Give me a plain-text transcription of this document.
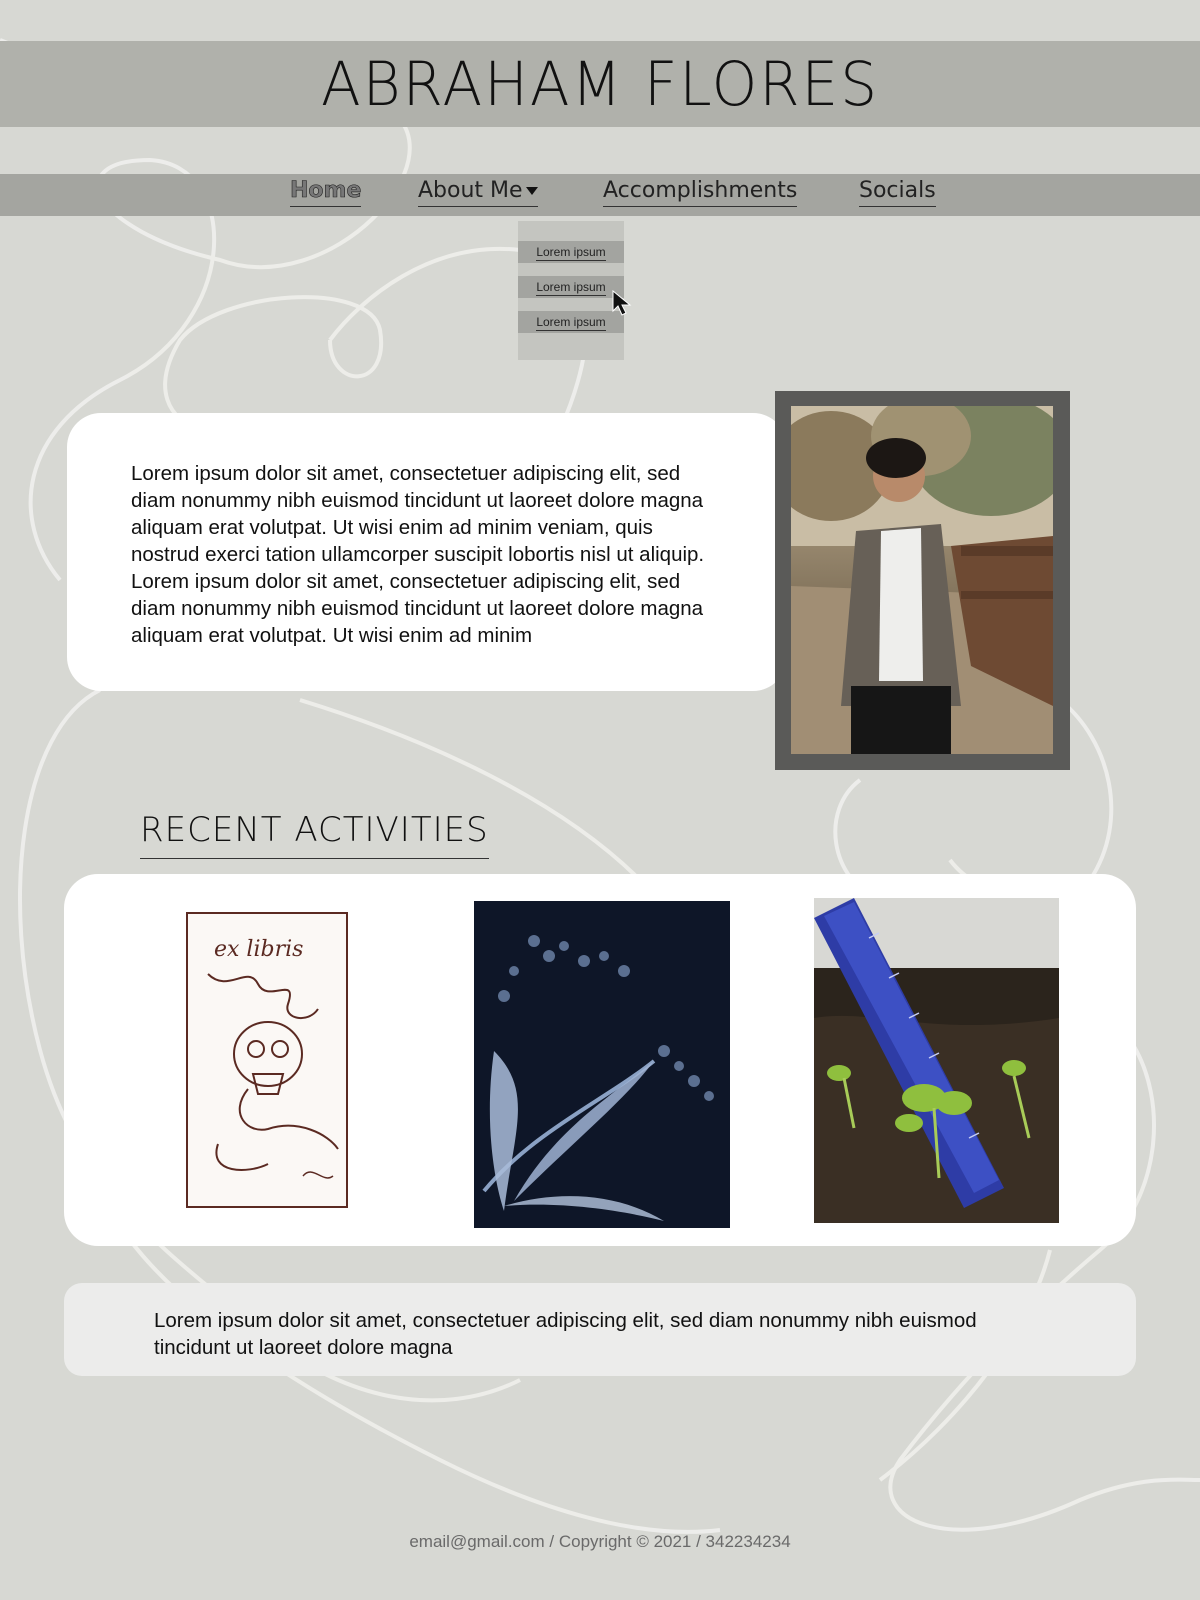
ABRAHAM FLORES
Home	About Me	Accomplishments	Socials
Lorem ipsum
Lorem ipsum
Lorem ipsum
Lorem ipsum dolor sit amet, consectetuer adipiscing elit, sed diam nonummy nibh euismod tincidunt ut laoreet dolore magna aliquam erat volutpat. Ut wisi enim ad minim veniam, quis nostrud exerci tation ullamcorper suscipit lobortis nisl ut aliquip. Lorem ipsum dolor sit amet, consectetuer adipiscing elit, sed diam nonummy nibh euismod tincidunt ut laoreet dolore magna aliquam erat volutpat. Ut wisi enim ad minim
RECENT ACTIVITIES
ex libris
Lorem ipsum dolor sit amet, consectetuer adipiscing elit, sed diam nonummy nibh euismod tincidunt ut laoreet dolore magna
email@gmail.com / Copyright © 2021 / 342234234
